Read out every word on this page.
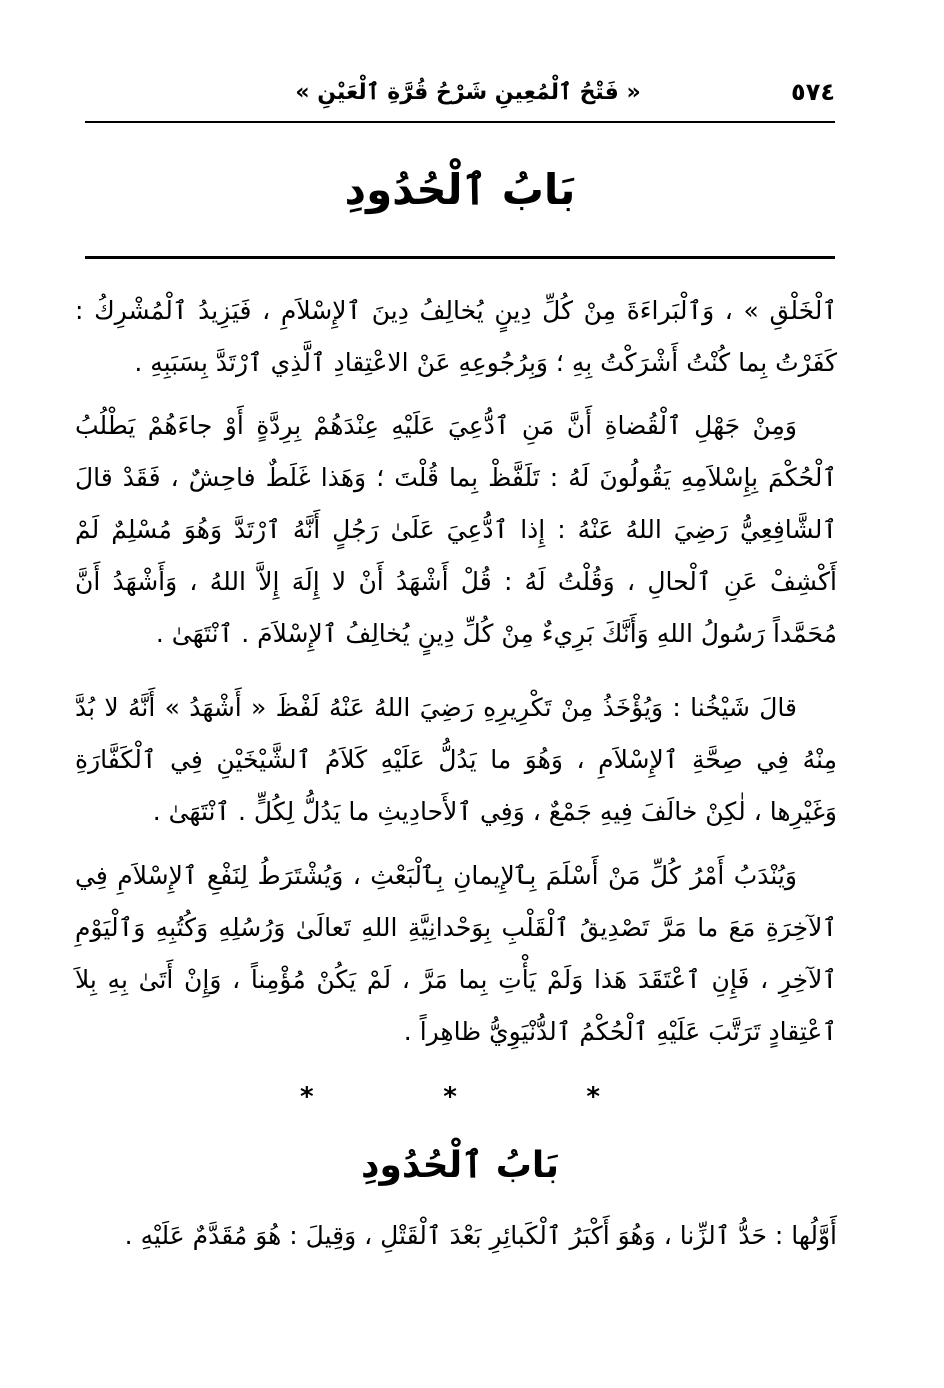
٥٧٤
« فَتْحُ ٱلْمُعِينِ شَرْحُ قُرَّةِ ٱلْعَيْنِ »
بَابُ ٱلْحُدُودِ
ٱلْخَلْقِ » ، وَٱلْبَراءَةَ مِنْ كُلِّ دِينٍ يُخالِفُ دِينَ ٱلإِسْلاَمِ ، فَيَزِيدُ ٱلْمُشْرِكُ : كَفَرْتُ بِما كُنْتُ أَشْرَكْتُ بِهِ ؛ وَبِرُجُوعِهِ عَنْ الاعْتِقادِ ٱلَّذِي ٱرْتَدَّ بِسَبَبِهِ .
وَمِنْ جَهْلِ ٱلْقُضاةِ أَنَّ مَنِ ٱدُّعِيَ عَلَيْهِ عِنْدَهُمْ بِرِدَّةٍ أَوْ جاءَهُمْ يَطْلُبُ ٱلْحُكْمَ بِإِسْلاَمِهِ يَقُولُونَ لَهُ : تَلَفَّظْ بِما قُلْتَ ؛ وَهَذا غَلَطٌ فاحِشٌ ، فَقَدْ قالَ ٱلشَّافِعِيُّ رَضِيَ اللهُ عَنْهُ : إِذا ٱدُّعِيَ عَلَىٰ رَجُلٍ أَنَّهُ ٱرْتَدَّ وَهُوَ مُسْلِمٌ لَمْ أَكْشِفْ عَنِ ٱلْحالِ ، وَقُلْتُ لَهُ : قُلْ أَشْهَدُ أَنْ لا إِلَهَ إِلاَّ اللهُ ، وَأَشْهَدُ أَنَّ مُحَمَّداً رَسُولُ اللهِ وَأَنَّكَ بَرِيءٌ مِنْ كُلِّ دِينٍ يُخالِفُ ٱلإِسْلاَمَ . ٱنْتَهَىٰ .
قالَ شَيْخُنا : وَيُؤْخَذُ مِنْ تَكْرِيرِهِ رَضِيَ اللهُ عَنْهُ لَفْظَ « أَشْهَدُ » أَنَّهُ لا بُدَّ مِنْهُ فِي صِحَّةِ ٱلإِسْلاَمِ ، وَهُوَ ما يَدُلُّ عَلَيْهِ كَلاَمُ ٱلشَّيْخَيْنِ فِي ٱلْكَفَّارَةِ وَغَيْرِها ، لٰكِنْ خالَفَ فِيهِ جَمْعٌ ، وَفِي ٱلأَحادِيثِ ما يَدُلُّ لِكُلٍّ . ٱنْتَهَىٰ .
وَيُنْدَبُ أَمْرُ كُلِّ مَنْ أَسْلَمَ بِٱلإِيمانِ بِٱلْبَعْثِ ، وَيُشْتَرَطُ لِنَفْعِ ٱلإِسْلاَمِ فِي ٱلآخِرَةِ مَعَ ما مَرَّ تَصْدِيقُ ٱلْقَلْبِ بِوَحْدانِيَّةِ اللهِ تَعالَىٰ وَرُسُلِهِ وَكُتُبِهِ وَٱلْيَوْمِ ٱلآخِرِ ، فَإِنِ ٱعْتَقَدَ هَذا وَلَمْ يَأْتِ بِما مَرَّ ، لَمْ يَكُنْ مُؤْمِناً ، وَإِنْ أَتَىٰ بِهِ بِلاَ ٱعْتِقادٍ تَرَتَّبَ عَلَيْهِ ٱلْحُكْمُ ٱلدُّنْيَوِيُّ ظاهِراً .
*	*	*
بَابُ ٱلْحُدُودِ
أَوَّلُها : حَدُّ ٱلزِّنا ، وَهُوَ أَكْبَرُ ٱلْكَبائِرِ بَعْدَ ٱلْقَتْلِ ، وَقِيلَ : هُوَ مُقَدَّمٌ عَلَيْهِ .
